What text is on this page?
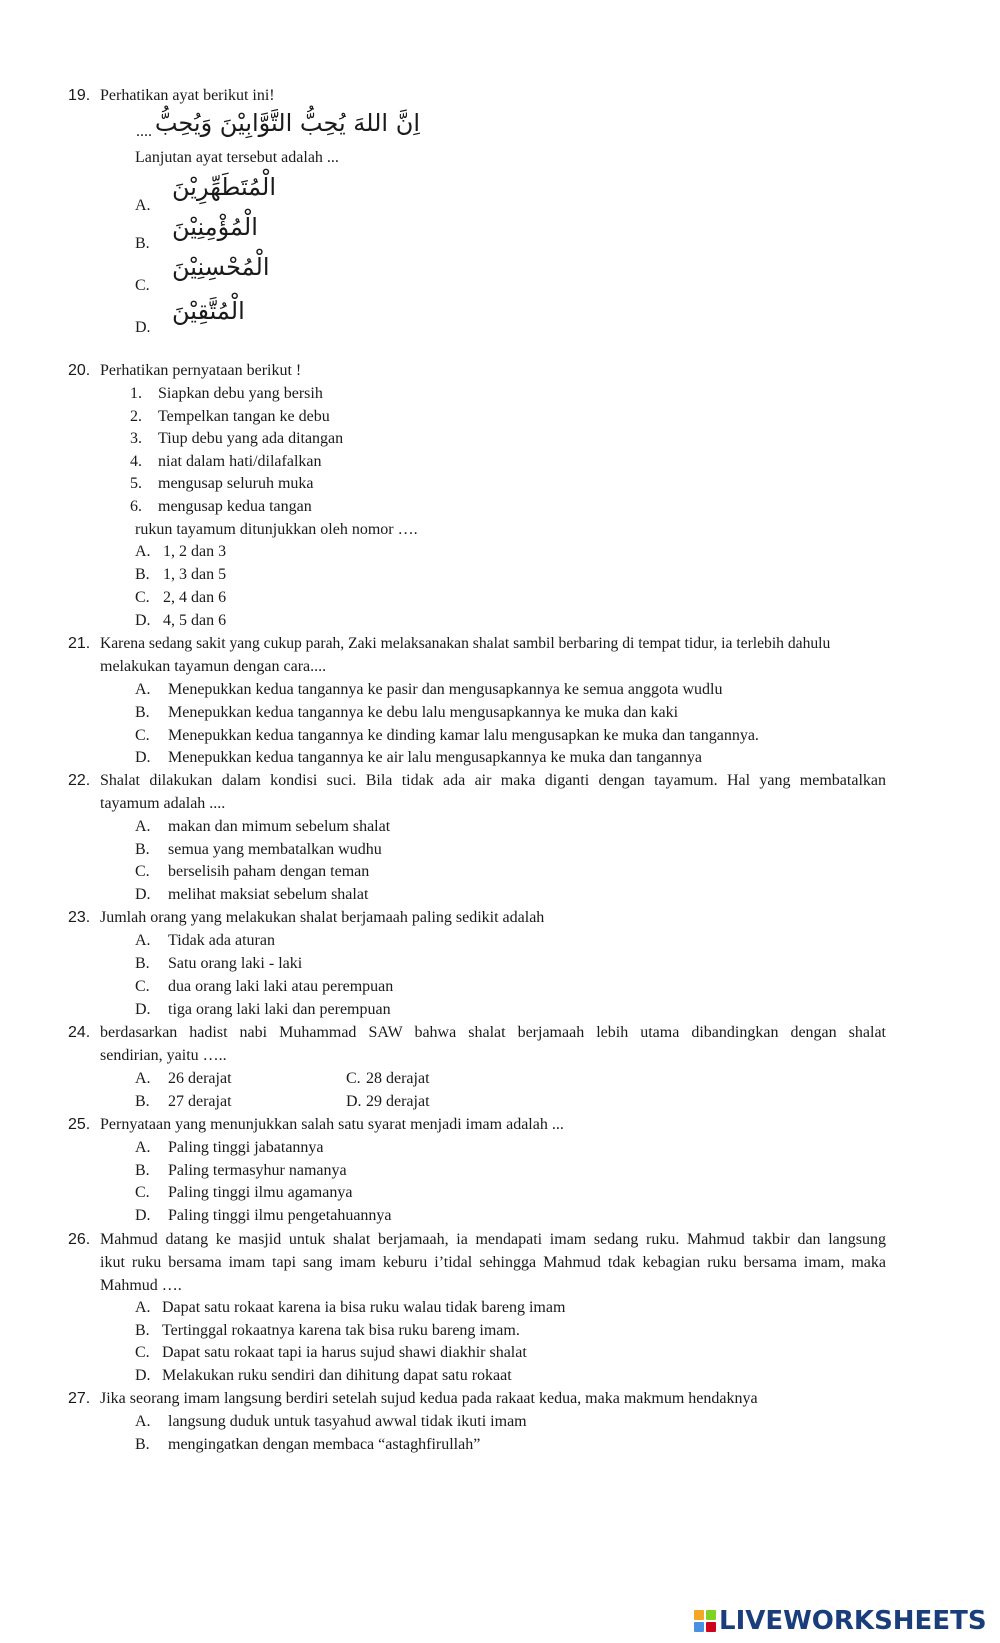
19. Perhatikan ayat berikut ini!
.... اِنَّ اللهَ يُحِبُّ التَّوَّابِيْنَ وَيُحِبُّ
Lanjutan ayat tersebut adalah ...
A.
الْمُتَطَهِّرِيْنَ
B.
الْمُؤْمِنِيْنَ
C.
الْمُحْسِنِيْنَ
D.
الْمُتَّقِيْنَ
20. Perhatikan pernyataan berikut !
1. Siapkan debu yang bersih
2. Tempelkan tangan ke debu
3. Tiup debu yang ada ditangan
4. niat dalam hati/dilafalkan
5. mengusap seluruh muka
6. mengusap kedua tangan
rukun tayamum ditunjukkan oleh nomor ….
A. 1, 2 dan 3
B. 1, 3 dan 5
C. 2, 4 dan 6
D. 4, 5 dan 6
21. Karena sedang sakit yang cukup parah, Zaki melaksanakan shalat sambil berbaring di tempat tidur, ia terlebih dahulu
melakukan tayamun dengan cara....
A. Menepukkan kedua tangannya ke pasir dan mengusapkannya ke semua anggota wudlu
B. Menepukkan kedua tangannya ke debu lalu mengusapkannya ke muka dan kaki
C. Menepukkan kedua tangannya ke dinding kamar lalu mengusapkan ke muka dan tangannya.
D. Menepukkan kedua tangannya ke air lalu mengusapkannya ke muka dan tangannya
22. Shalat dilakukan dalam kondisi suci. Bila tidak ada air maka diganti dengan tayamum. Hal yang membatalkan
tayamum adalah ....
A. makan dan mimum sebelum shalat
B. semua yang membatalkan wudhu
C. berselisih paham dengan teman
D. melihat maksiat sebelum shalat
23. Jumlah orang yang melakukan shalat berjamaah paling sedikit adalah
A. Tidak ada aturan
B. Satu orang laki - laki
C. dua orang laki laki atau perempuan
D. tiga orang laki laki dan perempuan
24. berdasarkan hadist nabi Muhammad SAW bahwa shalat berjamaah lebih utama dibandingkan dengan shalat
sendirian, yaitu …..
A. 26 derajat	C. 28 derajat
B. 27 derajat	D. 29 derajat
25. Pernyataan yang menunjukkan salah satu syarat menjadi imam adalah ...
A. Paling tinggi jabatannya
B. Paling termasyhur namanya
C. Paling tinggi ilmu agamanya
D. Paling tinggi ilmu pengetahuannya
26. Mahmud datang ke masjid untuk shalat berjamaah, ia mendapati imam sedang ruku. Mahmud takbir dan langsung
ikut ruku bersama imam tapi sang imam keburu i’tidal sehingga Mahmud tdak kebagian ruku bersama imam, maka
Mahmud ….
A. Dapat satu rokaat karena ia bisa ruku walau tidak bareng imam
B. Tertinggal rokaatnya karena tak bisa ruku bareng imam.
C. Dapat satu rokaat tapi ia harus sujud shawi diakhir shalat
D. Melakukan ruku sendiri dan dihitung dapat satu rokaat
27. Jika seorang imam langsung berdiri setelah sujud kedua pada rakaat kedua, maka makmum hendaknya
A. langsung duduk untuk tasyahud awwal tidak ikuti imam
B. mengingatkan dengan membaca “astaghfirullah”
LIVEWORKSHEETS
